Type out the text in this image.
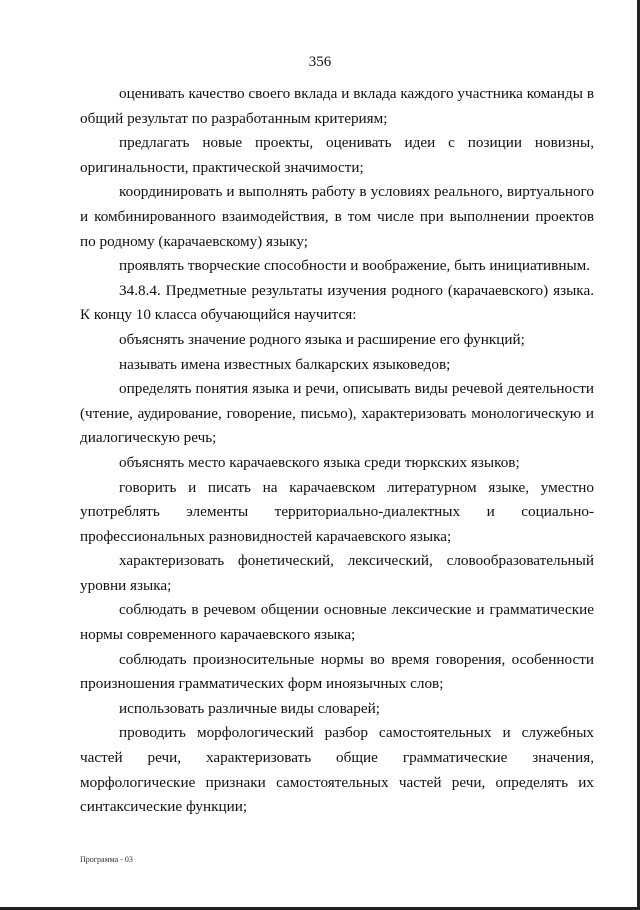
356

оценивать качество своего вклада и вклада каждого участника команды в общий результат по разработанным критериям;

предлагать новые проекты, оценивать идеи с позиции новизны, оригинальности, практической значимости;

координировать и выполнять работу в условиях реального, виртуального и комбинированного взаимодействия, в том числе при выполнении проектов по родному (карачаевскому) языку;

проявлять творческие способности и воображение, быть инициативным.

34.8.4. Предметные результаты изучения родного (карачаевского) языка. К концу 10 класса обучающийся научится:

объяснять значение родного языка и расширение его функций;

называть имена известных балкарских языковедов;

определять понятия языка и речи, описывать виды речевой деятельности (чтение, аудирование, говорение, письмо), характеризовать монологическую и диалогическую речь;

объяснять место карачаевского языка среди тюркских языков;

говорить и писать на карачаевском литературном языке, уместно употреблять элементы территориально-диалектных и социально-профессиональных разновидностей карачаевского языка;

характеризовать фонетический, лексический, словообразовательный уровни языка;

соблюдать в речевом общении основные лексические и грамматические нормы современного карачаевского языка;

соблюдать произносительные нормы во время говорения, особенности произношения грамматических форм иноязычных слов;

использовать различные виды словарей;

проводить морфологический разбор самостоятельных и служебных частей речи, характеризовать общие грамматические значения, морфологические признаки самостоятельных частей речи, определять их синтаксические функции;

Программа - 03
